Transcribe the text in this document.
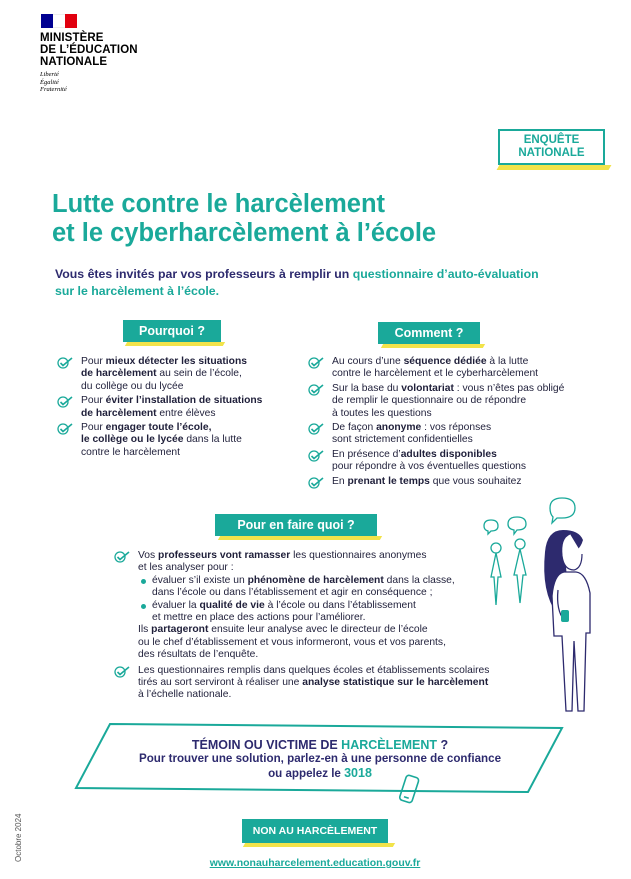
MINISTÈRE
DE L’ÉDUCATION
NATIONALE
Liberté
Égalité
Fraternité
ENQUÊTE
NATIONALE
Lutte contre le harcèlement
et le cyberharcèlement à l’école
Vous êtes invités par vos professeurs à remplir un questionnaire d’auto-évaluation
sur le harcèlement à l’école.
Pourquoi ?
Pour mieux détecter les situations
de harcèlement au sein de l’école,
du collège ou du lycée
Pour éviter l’installation de situations
de harcèlement entre élèves
Pour engager toute l’école,
le collège ou le lycée dans la lutte
contre le harcèlement
Comment ?
Au cours d’une séquence dédiée à la lutte
contre le harcèlement et le cyberharcèlement
Sur la base du volontariat : vous n’êtes pas obligé
de remplir le questionnaire ou de répondre
à toutes les questions
De façon anonyme : vos réponses
sont strictement confidentielles
En présence d’adultes disponibles
pour répondre à vos éventuelles questions
En prenant le temps que vous souhaitez
Pour en faire quoi ?
Vos professeurs vont ramasser les questionnaires anonymes
et les analyser pour :
évaluer s’il existe un phénomène de harcèlement dans la classe,
dans l’école ou dans l’établissement et agir en conséquence ;
évaluer la qualité de vie à l’école ou dans l’établissement
et mettre en place des actions pour l’améliorer.
Ils partageront ensuite leur analyse avec le directeur de l’école
ou le chef d’établissement et vous informeront, vous et vos parents,
des résultats de l’enquête.
Les questionnaires remplis dans quelques écoles et établissements scolaires
tirés au sort serviront à réaliser une analyse statistique sur le harcèlement
à l’échelle nationale.
TÉMOIN OU VICTIME DE HARCÈLEMENT ?
Pour trouver une solution, parlez-en à une personne de confiance
ou appelez le 3018
NON AU HARCÈLEMENT
www.nonauharcelement.education.gouv.fr
Octobre 2024
